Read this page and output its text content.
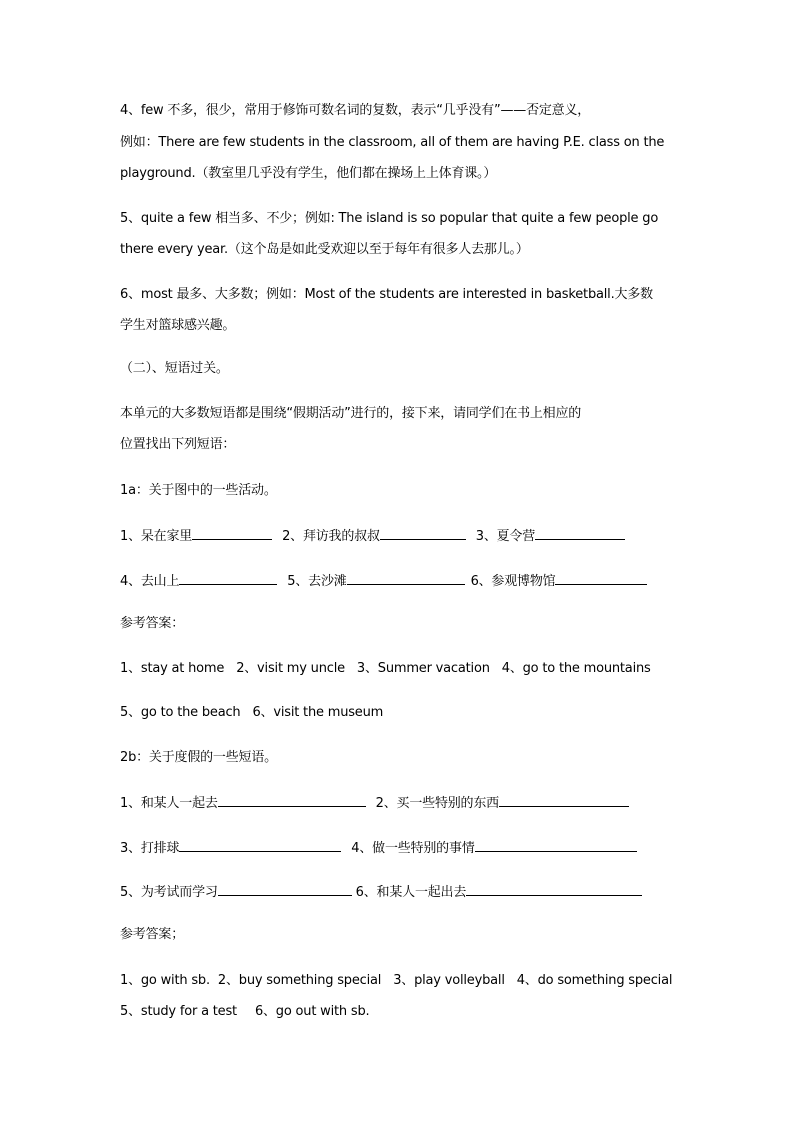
4、few 不多，很少，常用于修饰可数名词的复数，表示“几乎没有”——否定意义，

例如：There are few students in the classroom, all of them are having P.E. class on the

playground.（教室里几乎没有学生，他们都在操场上上体育课。）

5、quite a few 相当多、不少；例如: The island is so popular that quite a few people go

there every year.（这个岛是如此受欢迎以至于每年有很多人去那儿。）

6、most 最多、大多数；例如：Most of the students are interested in basketball.大多数

学生对篮球感兴趣。

（二）、短语过关。

本单元的大多数短语都是围绕“假期活动”进行的，接下来，请同学们在书上相应的

位置找出下列短语：

1a：关于图中的一些活动。

1、呆在家里	2、拜访我的叔叔	3、夏令营

4、去山上	5、去沙滩	6、参观博物馆

参考答案：

1、stay at home 2、visit my uncle 3、Summer vacation 4、go to the mountains

5、go to the beach 6、visit the museum

2b：关于度假的一些短语。

1、和某人一起去	2、买一些特别的东西

3、打排球	4、做一些特别的事情

5、为考试而学习	6、和某人一起出去

参考答案；

1、go with sb. 2、buy something special 3、play volleyball 4、do something special

5、study for a test 6、go out with sb.
